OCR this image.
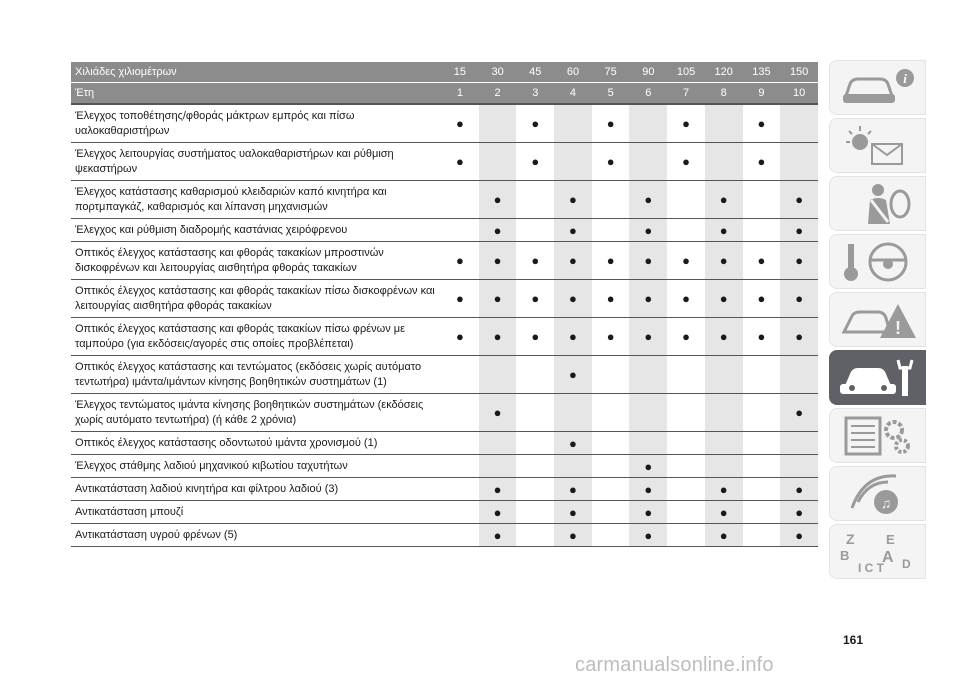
Χιλιάδες χιλιομέτρων	15	30	45	60	75	90	105	120	135	150
Έτη	1	2	3	4	5	6	7	8	9	10
Έλεγχος τοποθέτησης/φθοράς μάκτρων εμπρός και πίσω υαλοκαθαριστήρων	●		●		●		●		●	
Έλεγχος λειτουργίας συστήματος υαλοκαθαριστήρων και ρύθμιση ψεκαστήρων	●		●		●		●		●	
Έλεγχος κατάστασης καθαρισμού κλειδαριών καπό κινητήρα και πορτμπαγκάζ, καθαρισμός και λίπανση μηχανισμών		●		●		●		●		●
Έλεγχος και ρύθμιση διαδρομής καστάνιας χειρόφρενου		●		●		●		●		●
Οπτικός έλεγχος κατάστασης και φθοράς τακακίων μπροστινών δισκοφρένων και λειτουργίας αισθητήρα φθοράς τακακίων	●	●	●	●	●	●	●	●	●	●
Οπτικός έλεγχος κατάστασης και φθοράς τακακίων πίσω δισκοφρένων και λειτουργίας αισθητήρα φθοράς τακακίων	●	●	●	●	●	●	●	●	●	●
Οπτικός έλεγχος κατάστασης και φθοράς τακακίων πίσω φρένων με ταμπούρο (για εκδόσεις/αγορές στις οποίες προβλέπεται)	●	●	●	●	●	●	●	●	●	●
Οπτικός έλεγχος κατάστασης και τεντώματος (εκδόσεις χωρίς αυτόματο τεντωτήρα) ιμάντα/ιμάντων κίνησης βοηθητικών συστημάτων (1)				●						
Έλεγχος τεντώματος ιμάντα κίνησης βοηθητικών συστημάτων (εκδόσεις χωρίς αυτόματο τεντωτήρα) (ή κάθε 2 χρόνια)		●								●
Οπτικός έλεγχος κατάστασης οδοντωτού ιμάντα χρονισμού (1)				●						
Έλεγχος στάθμης λαδιού μηχανικού κιβωτίου ταχυτήτων						●				
Αντικατάσταση λαδιού κινητήρα και φίλτρου λαδιού (3)		●		●		●		●		●
Αντικατάσταση μπουζί		●		●		●		●		●
Αντικατάσταση υγρού φρένων (5)		●		●		●		●		●
i
!
♫
Z E
B A
I C T D
161
carmanualsonline.info
